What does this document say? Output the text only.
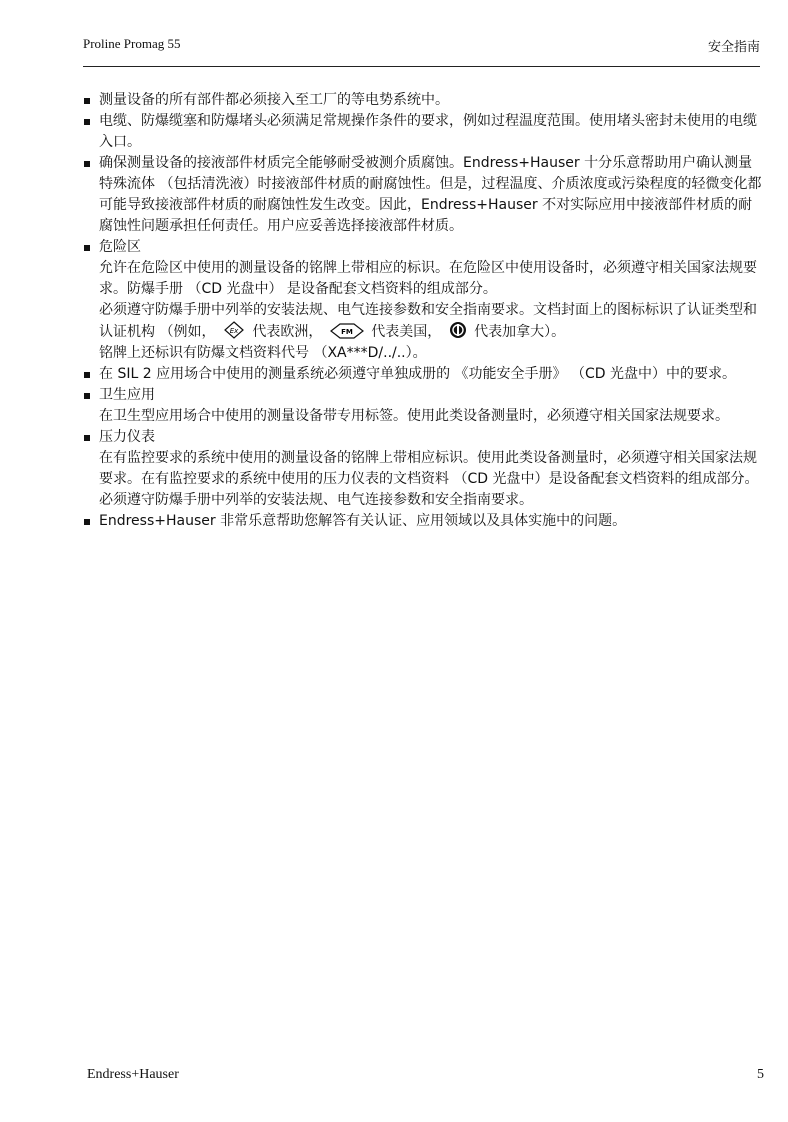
Proline Promag 55	安全指南
测量设备的所有部件都必须接入至工厂的等电势系统中。
电缆、防爆缆塞和防爆堵头必须满足常规操作条件的要求，例如过程温度范围。使用堵头密封未使用的电缆入口。
确保测量设备的接液部件材质完全能够耐受被测介质腐蚀。Endress+Hauser 十分乐意帮助用户确认测量特殊流体 （包括清洗液）时接液部件材质的耐腐蚀性。但是，过程温度、介质浓度或污染程度的轻微变化都可能导致接液部件材质的耐腐蚀性发生改变。因此，Endress+Hauser 不对实际应用中接液部件材质的耐腐蚀性问题承担任何责任。用户应妥善选择接液部件材质。
危险区
允许在危险区中使用的测量设备的铭牌上带相应的标识。在危险区中使用设备时，必须遵守相关国家法规要求。防爆手册 （CD 光盘中） 是设备配套文档资料的组成部分。
必须遵守防爆手册中列举的安装法规、电气连接参数和安全指南要求。文档封面上的图标标识了认证类型和认证机构 （例如， Ex 代表欧洲，	FM 代表美国， 代表加拿大）。
铭牌上还标识有防爆文档资料代号 （XA***D/../..）。
在 SIL 2 应用场合中使用的测量系统必须遵守单独成册的 《功能安全手册》 （CD 光盘中）中的要求。
卫生应用
在卫生型应用场合中使用的测量设备带专用标签。使用此类设备测量时，必须遵守相关国家法规要求。
压力仪表
在有监控要求的系统中使用的测量设备的铭牌上带相应标识。使用此类设备测量时，必须遵守相关国家法规要求。在有监控要求的系统中使用的压力仪表的文档资料 （CD 光盘中）是设备配套文档资料的组成部分。必须遵守防爆手册中列举的安装法规、电气连接参数和安全指南要求。
Endress+Hauser 非常乐意帮助您解答有关认证、应用领域以及具体实施中的问题。
Endress+Hauser	5
